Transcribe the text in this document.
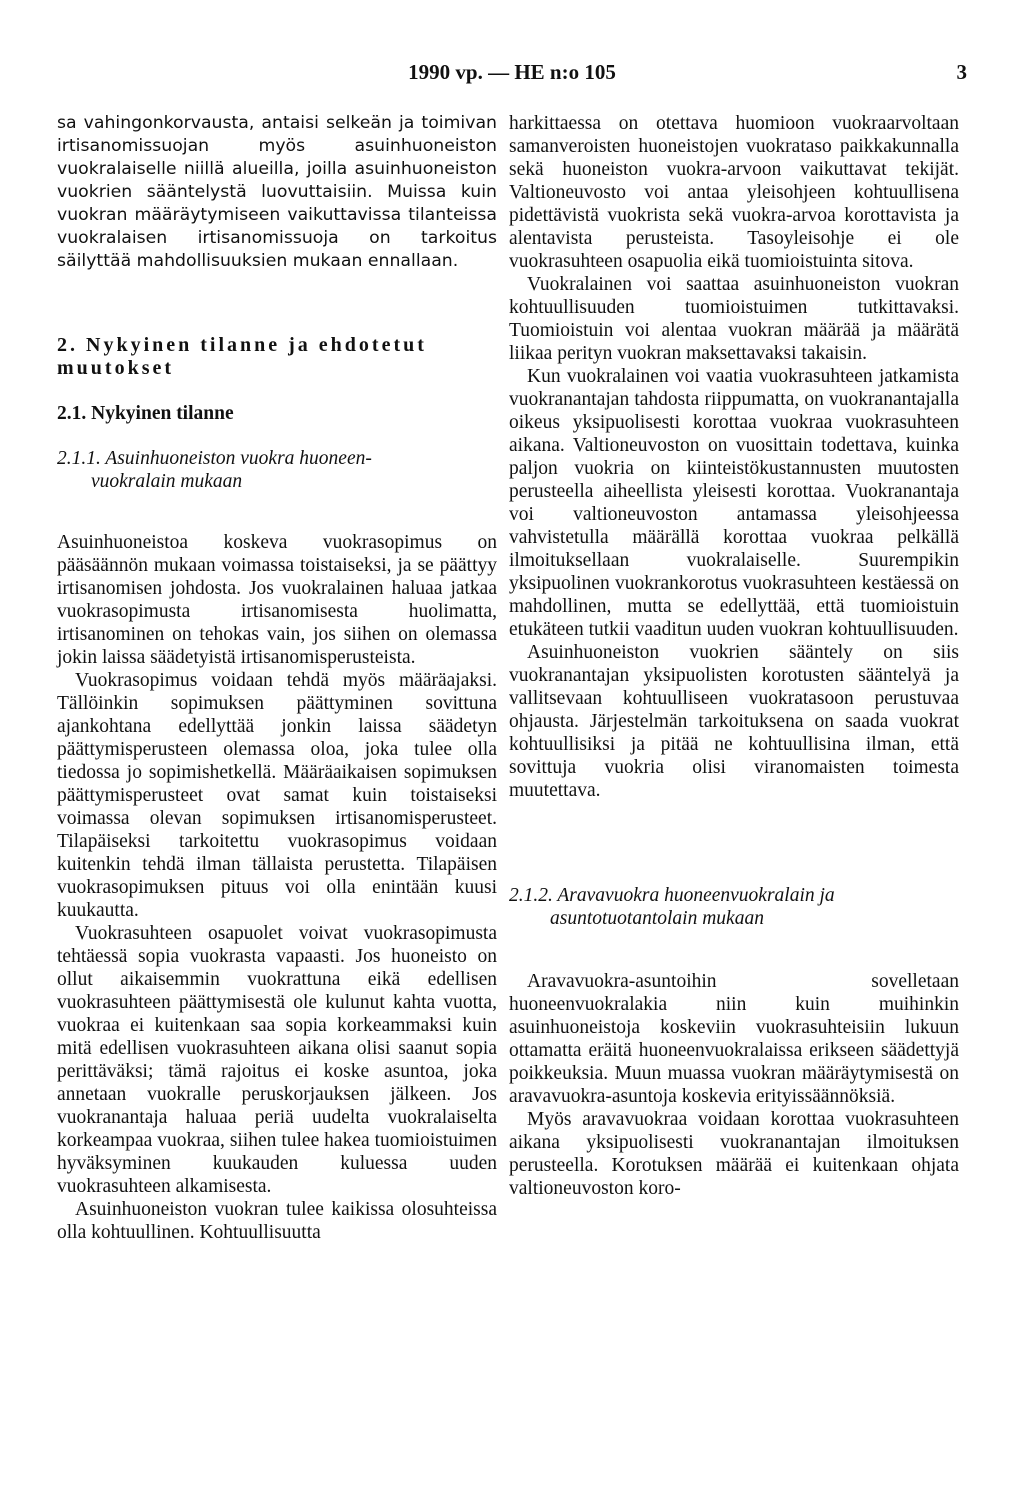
1990 vp. — HE n:o 105	3

sa vahingonkorvausta, antaisi selkeän ja toimivan irtisanomissuojan myös asuinhuoneiston vuokralaiselle niillä alueilla, joilla asuinhuoneiston vuokrien sääntelystä luovuttaisiin. Muissa kuin vuokran määräytymiseen vaikuttavissa tilanteissa vuokralaisen irtisanomissuoja on tarkoitus säilyttää mahdollisuuksien mukaan ennallaan.

2. Nykyinen tilanne ja ehdotetut muutokset
2.1. Nykyinen tilanne
2.1.1. Asuinhuoneiston vuokra huoneen-
vuokralain mukaan

Asuinhuoneistoa koskeva vuokrasopimus on pääsäännön mukaan voimassa toistaiseksi, ja se päättyy irtisanomisen johdosta. Jos vuokralainen haluaa jatkaa vuokrasopimusta irtisanomisesta huolimatta, irtisanominen on tehokas vain, jos siihen on olemassa jokin laissa säädetyistä irtisanomisperusteista.

Vuokrasopimus voidaan tehdä myös määräajaksi. Tällöinkin sopimuksen päättyminen sovittuna ajankohtana edellyttää jonkin laissa säädetyn päättymisperusteen olemassa oloa, joka tulee olla tiedossa jo sopimishetkellä. Määräaikaisen sopimuksen päättymisperusteet ovat samat kuin toistaiseksi voimassa olevan sopimuksen irtisanomisperusteet. Tilapäiseksi tarkoitettu vuokrasopimus voidaan kuitenkin tehdä ilman tällaista perustetta. Tilapäisen vuokrasopimuksen pituus voi olla enintään kuusi kuukautta.

Vuokrasuhteen osapuolet voivat vuokrasopimusta tehtäessä sopia vuokrasta vapaasti. Jos huoneisto on ollut aikaisemmin vuokrattuna eikä edellisen vuokrasuhteen päättymisestä ole kulunut kahta vuotta, vuokraa ei kuitenkaan saa sopia korkeammaksi kuin mitä edellisen vuokrasuhteen aikana olisi saanut sopia perittäväksi; tämä rajoitus ei koske asuntoa, joka annetaan vuokralle peruskorjauksen jälkeen. Jos vuokranantaja haluaa periä uudelta vuokralaiselta korkeampaa vuokraa, siihen tulee hakea tuomioistuimen hyväksyminen kuukauden kuluessa uuden vuokrasuhteen alkamisesta.

Asuinhuoneiston vuokran tulee kaikissa olosuhteissa olla kohtuullinen. Kohtuullisuutta

harkittaessa on otettava huomioon vuokraarvoltaan samanveroisten huoneistojen vuokrataso paikkakunnalla sekä huoneiston vuokra-arvoon vaikuttavat tekijät. Valtioneuvosto voi antaa yleisohjeen kohtuullisena pidettävistä vuokrista sekä vuokra-arvoa korottavista ja alentavista perusteista. Tasoyleisohje ei ole vuokrasuhteen osapuolia eikä tuomioistuinta sitova.

Vuokralainen voi saattaa asuinhuoneiston vuokran kohtuullisuuden tuomioistuimen tutkittavaksi. Tuomioistuin voi alentaa vuokran määrää ja määrätä liikaa perityn vuokran maksettavaksi takaisin.

Kun vuokralainen voi vaatia vuokrasuhteen jatkamista vuokranantajan tahdosta riippumatta, on vuokranantajalla oikeus yksipuolisesti korottaa vuokraa vuokrasuhteen aikana. Valtioneuvoston on vuosittain todettava, kuinka paljon vuokria on kiinteistökustannusten muutosten perusteella aiheellista yleisesti korottaa. Vuokranantaja voi valtioneuvoston antamassa yleisohjeessa vahvistetulla määrällä korottaa vuokraa pelkällä ilmoituksellaan vuokralaiselle. Suurempikin yksipuolinen vuokrankorotus vuokrasuhteen kestäessä on mahdollinen, mutta se edellyttää, että tuomioistuin etukäteen tutkii vaaditun uuden vuokran kohtuullisuuden.

Asuinhuoneiston vuokrien sääntely on siis vuokranantajan yksipuolisten korotusten sääntelyä ja vallitsevaan kohtuulliseen vuokratasoon perustuvaa ohjausta. Järjestelmän tarkoituksena on saada vuokrat kohtuullisiksi ja pitää ne kohtuullisina ilman, että sovittuja vuokria olisi viranomaisten toimesta muutettava.

2.1.2. Aravavuokra huoneenvuokralain ja
asuntotuotantolain mukaan

Aravavuokra-asuntoihin sovelletaan huoneenvuokralakia niin kuin muihinkin asuinhuoneistoja koskeviin vuokrasuhteisiin lukuun ottamatta eräitä huoneenvuokralaissa erikseen säädettyjä poikkeuksia. Muun muassa vuokran määräytymisestä on aravavuokra-asuntoja koskevia erityissäännöksiä.

Myös aravavuokraa voidaan korottaa vuokrasuhteen aikana yksipuolisesti vuokranantajan ilmoituksen perusteella. Korotuksen määrää ei kuitenkaan ohjata valtioneuvoston koro-
